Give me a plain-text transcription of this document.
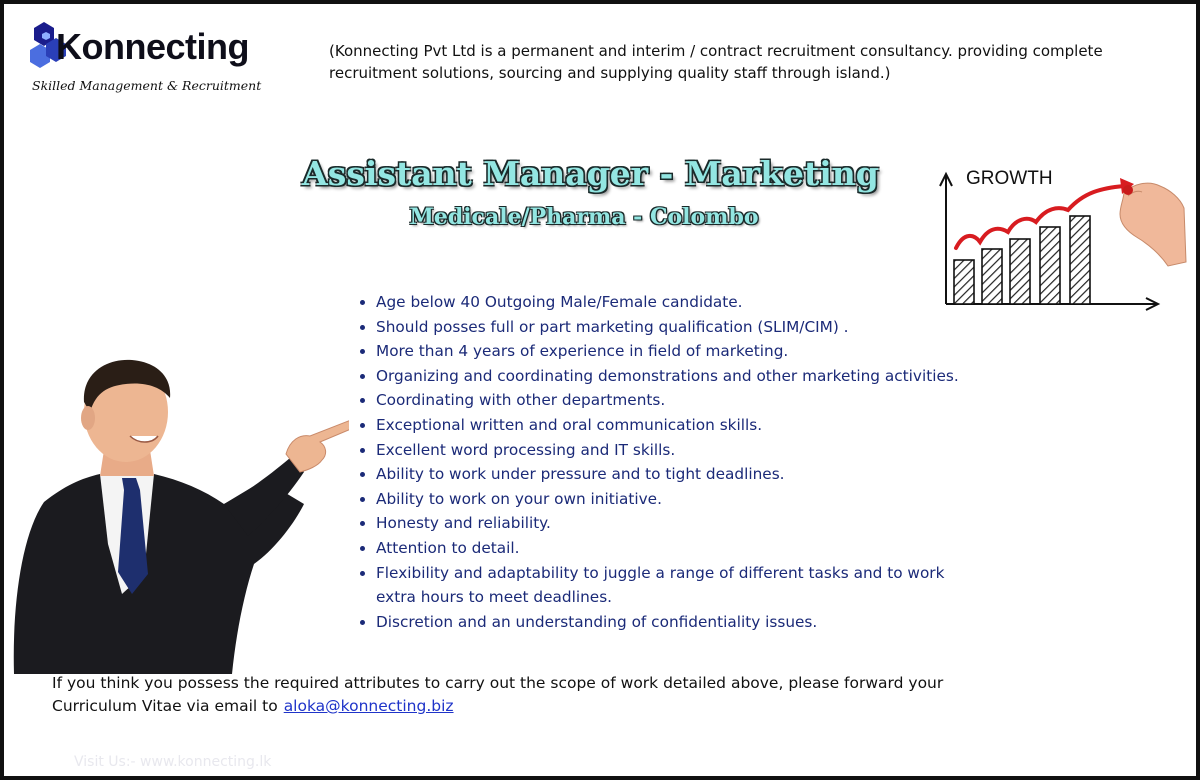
Konnecting
Skilled Management & Recruitment
(Konnecting Pvt Ltd is a permanent and interim / contract recruitment consultancy. providing complete recruitment solutions, sourcing and supplying quality staff through island.)
Assistant Manager - Marketing
Medicale/Pharma - Colombo
GROWTH
• Age below 40 Outgoing Male/Female candidate.
• Should posses full or part marketing qualification (SLIM/CIM) .
• More than 4 years of experience in field of marketing.
• Organizing and coordinating demonstrations and other marketing activities.
• Coordinating with other departments.
• Exceptional written and oral communication skills.
• Excellent word processing and IT skills.
• Ability to work under pressure and to tight deadlines.
• Ability to work on your own initiative.
• Honesty and reliability.
• Attention to detail.
• Flexibility and adaptability to juggle a range of different tasks and to work extra hours to meet deadlines.
• Discretion and an understanding of confidentiality issues.
If you think you possess the required attributes to carry out the scope of work detailed above, please forward your Curriculum Vitae via email to aloka@konnecting.biz
Visit Us:- www.konnecting.lk
